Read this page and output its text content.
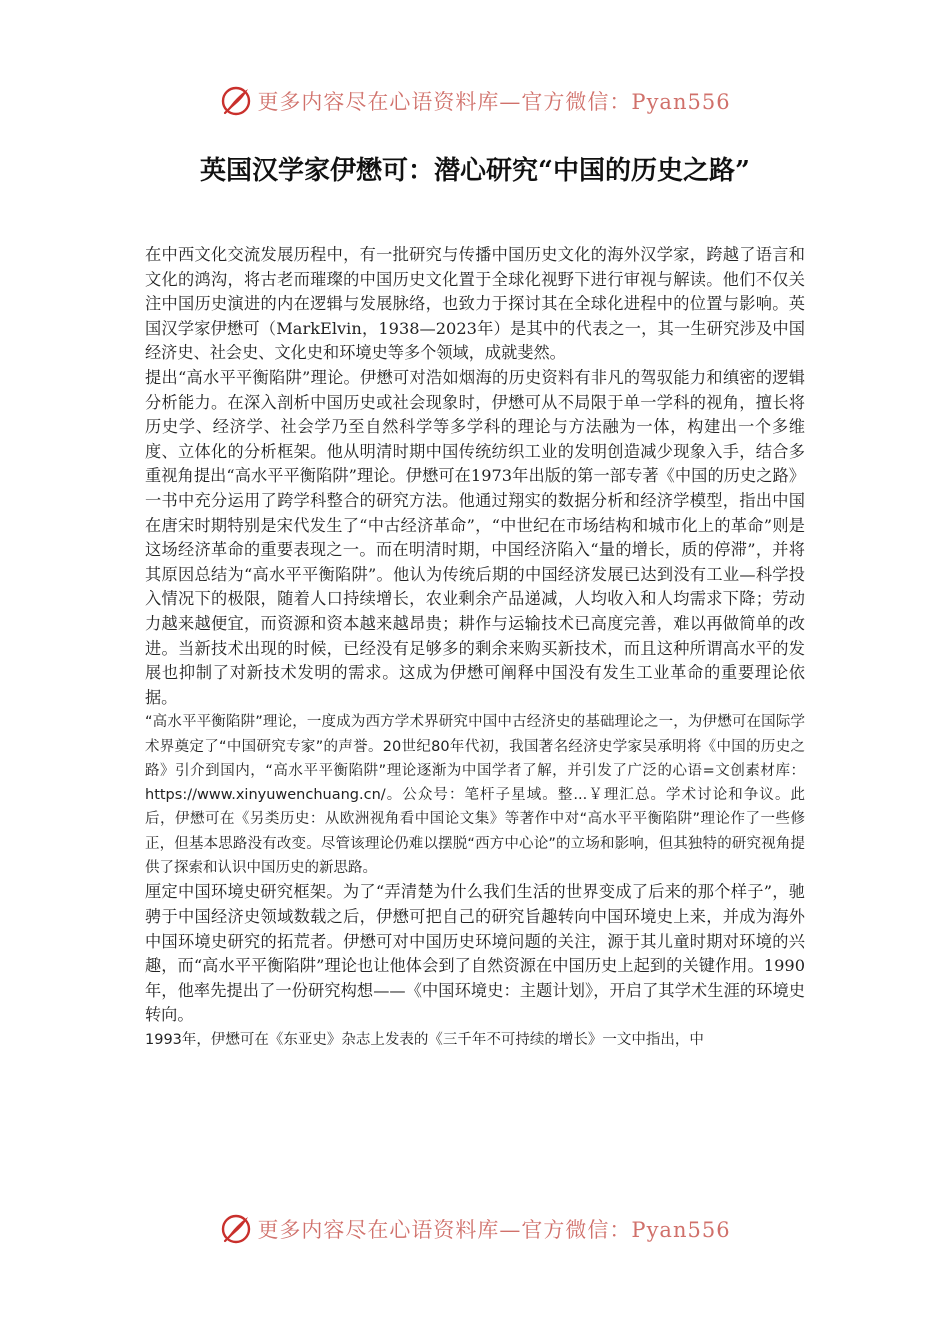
更多内容尽在心语资料库—官方微信：Pyan556
英国汉学家伊懋可：潜心研究“中国的历史之路”

在中西文化交流发展历程中，有一批研究与传播中国历史文化的海外汉学家，跨越了语言和文化的鸿沟，将古老而璀璨的中国历史文化置于全球化视野下进行审视与解读。他们不仅关注中国历史演进的内在逻辑与发展脉络，也致力于探讨其在全球化进程中的位置与影响。英国汉学家伊懋可（MarkElvin，1938—2023年）是其中的代表之一，其一生研究涉及中国经济史、社会史、文化史和环境史等多个领域，成就斐然。

提出“高水平平衡陷阱”理论。伊懋可对浩如烟海的历史资料有非凡的驾驭能力和缜密的逻辑分析能力。在深入剖析中国历史或社会现象时，伊懋可从不局限于单一学科的视角，擅长将历史学、经济学、社会学乃至自然科学等多学科的理论与方法融为一体，构建出一个多维度、立体化的分析框架。他从明清时期中国传统纺织工业的发明创造减少现象入手，结合多重视角提出“高水平平衡陷阱”理论。伊懋可在1973年出版的第一部专著《中国的历史之路》一书中充分运用了跨学科整合的研究方法。他通过翔实的数据分析和经济学模型，指出中国在唐宋时期特别是宋代发生了“中古经济革命”，“中世纪在市场结构和城市化上的革命”则是这场经济革命的重要表现之一。而在明清时期，中国经济陷入“量的增长，质的停滞”，并将其原因总结为“高水平平衡陷阱”。他认为传统后期的中国经济发展已达到没有工业—科学投入情况下的极限，随着人口持续增长，农业剩余产品递减，人均收入和人均需求下降；劳动力越来越便宜，而资源和资本越来越昂贵；耕作与运输技术已高度完善，难以再做简单的改进。当新技术出现的时候，已经没有足够多的剩余来购买新技术，而且这种所谓高水平的发展也抑制了对新技术发明的需求。这成为伊懋可阐释中国没有发生工业革命的重要理论依据。

“高水平平衡陷阱”理论，一度成为西方学术界研究中国中古经济史的基础理论之一，为伊懋可在国际学术界奠定了“中国研究专家”的声誉。20世纪80年代初，我国著名经济史学家吴承明将《中国的历史之路》引介到国内，“高水平平衡陷阱”理论逐渐为中国学者了解，并引发了广泛的心语=文创素材库：https://www.xinyuwenchuang.cn/。公众号：笔杆子星域。整...￥理汇总。学术讨论和争议。此后，伊懋可在《另类历史：从欧洲视角看中国论文集》等著作中对“高水平平衡陷阱”理论作了一些修正，但基本思路没有改变。尽管该理论仍难以摆脱“西方中心论”的立场和影响，但其独特的研究视角提供了探索和认识中国历史的新思路。

厘定中国环境史研究框架。为了“弄清楚为什么我们生活的世界变成了后来的那个样子”，驰骋于中国经济史领域数载之后，伊懋可把自己的研究旨趣转向中国环境史上来，并成为海外中国环境史研究的拓荒者。伊懋可对中国历史环境问题的关注，源于其儿童时期对环境的兴趣，而“高水平平衡陷阱”理论也让他体会到了自然资源在中国历史上起到的关键作用。1990年，他率先提出了一份研究构想——《中国环境史：主题计划》，开启了其学术生涯的环境史转向。

1993年，伊懋可在《东亚史》杂志上发表的《三千年不可持续的增长》一文中指出，中

更多内容尽在心语资料库—官方微信：Pyan556
